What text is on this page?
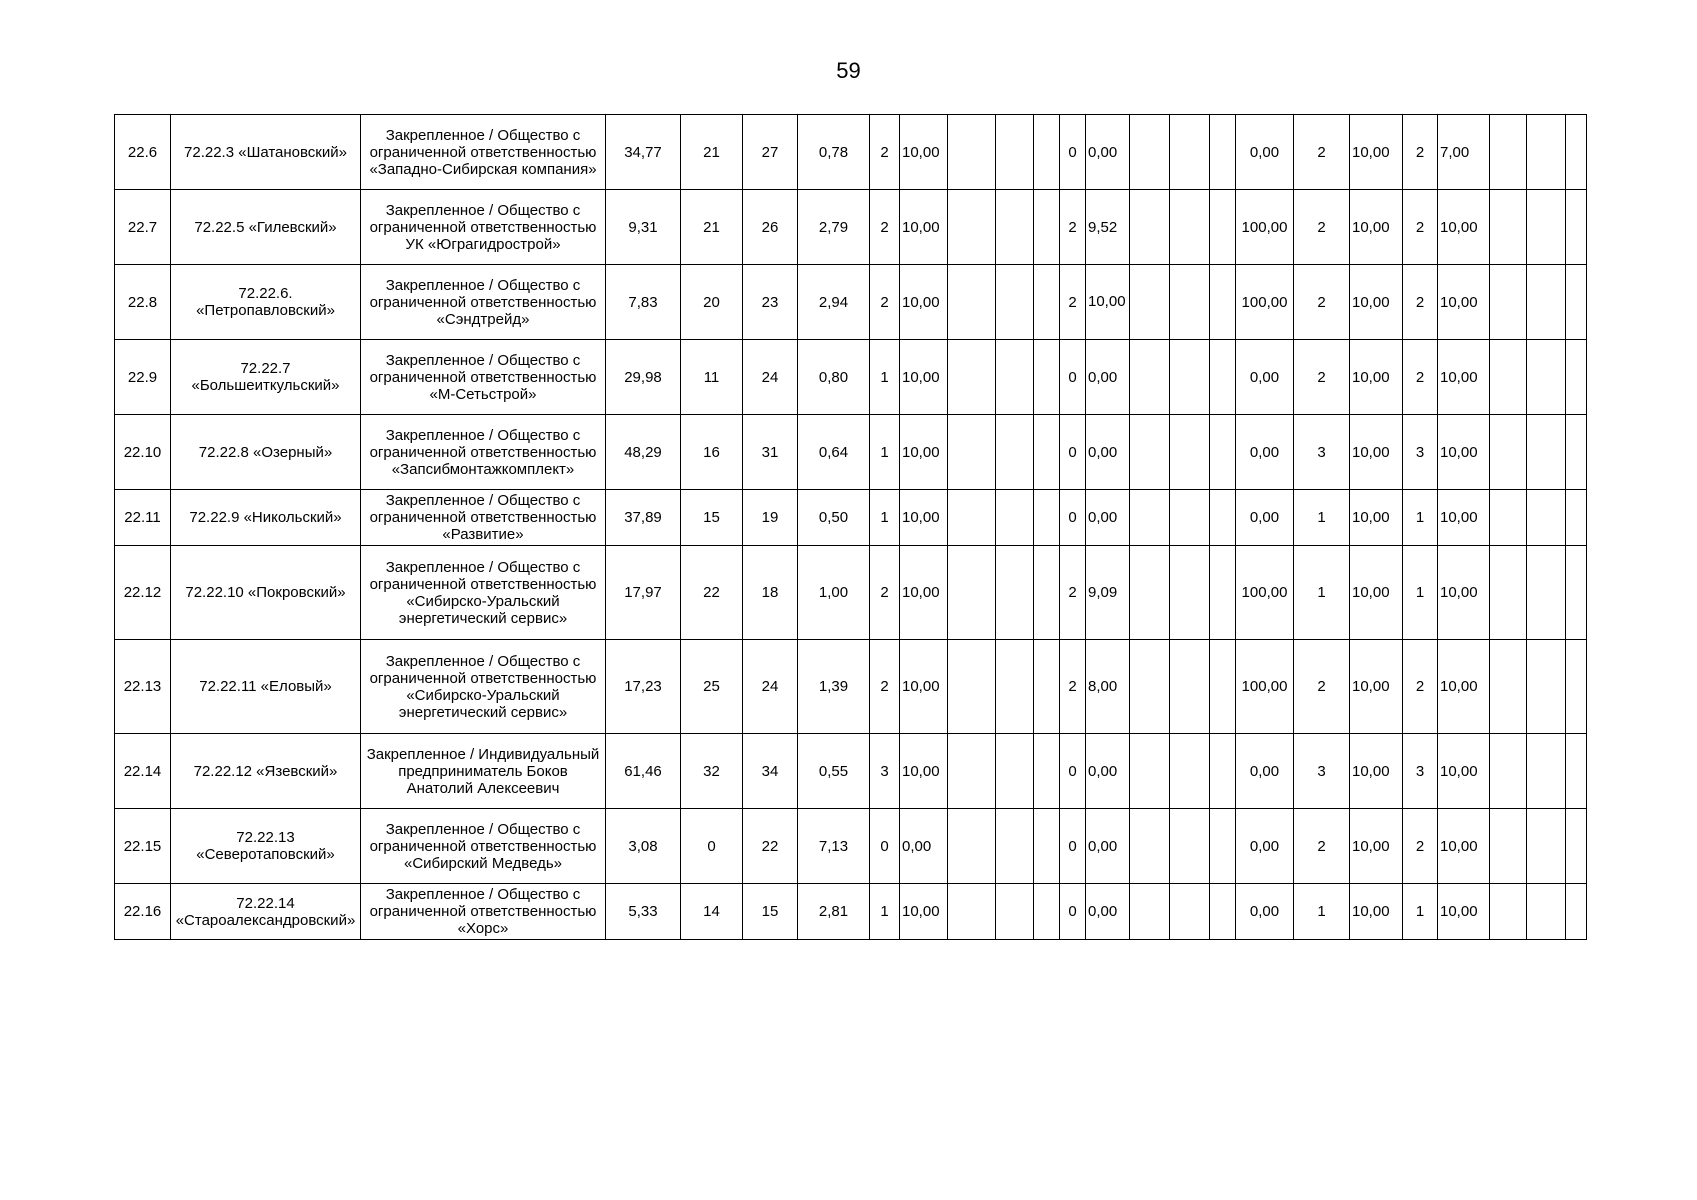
59
22.6	72.22.3 «Шатановский»	Закрепленное / Общество с ограниченной ответственностью «Западно-Сибирская компания»	34,77	21	27	0,78	2	10,00				0	0,00				0,00	2	10,00	2	7,00			
22.7	72.22.5 «Гилевский»	Закрепленное / Общество с ограниченной ответственностью УК «Юграгидрострой»	9,31	21	26	2,79	2	10,00				2	9,52				100,00	2	10,00	2	10,00			
22.8	72.22.6. «Петропавловский»	Закрепленное / Общество с ограниченной ответственностью «Сэндтрейд»	7,83	20	23	2,94	2	10,00				2	10,00				100,00	2	10,00	2	10,00			
22.9	72.22.7 «Большеиткульский»	Закрепленное / Общество с ограниченной ответственностью «М-Сетьстрой»	29,98	11	24	0,80	1	10,00				0	0,00				0,00	2	10,00	2	10,00			
22.10	72.22.8 «Озерный»	Закрепленное / Общество с ограниченной ответственностью «Запсибмонтажкомплект»	48,29	16	31	0,64	1	10,00				0	0,00				0,00	3	10,00	3	10,00			
22.11	72.22.9 «Никольский»	Закрепленное / Общество с ограниченной ответственностью «Развитие»	37,89	15	19	0,50	1	10,00				0	0,00				0,00	1	10,00	1	10,00			
22.12	72.22.10 «Покровский»	Закрепленное / Общество с ограниченной ответственностью «Сибирско-Уральский энергетический сервис»	17,97	22	18	1,00	2	10,00				2	9,09				100,00	1	10,00	1	10,00			
22.13	72.22.11 «Еловый»	Закрепленное / Общество с ограниченной ответственностью «Сибирско-Уральский энергетический сервис»	17,23	25	24	1,39	2	10,00				2	8,00				100,00	2	10,00	2	10,00			
22.14	72.22.12 «Язевский»	Закрепленное / Индивидуальный предприниматель Боков Анатолий Алексеевич	61,46	32	34	0,55	3	10,00				0	0,00				0,00	3	10,00	3	10,00			
22.15	72.22.13 «Северотаповский»	Закрепленное / Общество с ограниченной ответственностью «Сибирский Медведь»	3,08	0	22	7,13	0	0,00				0	0,00				0,00	2	10,00	2	10,00			
22.16	72.22.14 «Староалександровский»	Закрепленное / Общество с ограниченной ответственностью «Хорс»	5,33	14	15	2,81	1	10,00				0	0,00				0,00	1	10,00	1	10,00			
